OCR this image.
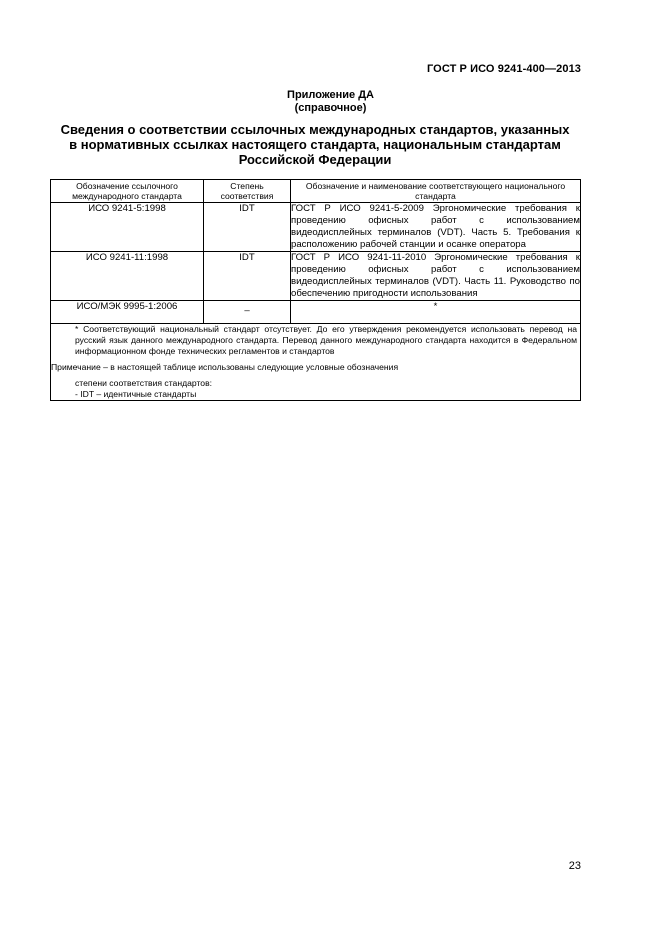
ГОСТ Р ИСО 9241-400—2013
Приложение ДА
(справочное)
Сведения о соответствии ссылочных международных стандартов, указанных
в нормативных ссылках настоящего стандарта, национальным стандартам
Российской Федерации
Обозначение ссылочного международного стандарта	Степень соответствия	Обозначение и наименование соответствующего национального стандарта
ИСО 9241-5:1998	IDT	ГОСТ Р ИСО 9241-5-2009 Эргономические требования к проведению офисных работ с использованием видеодисплейных терминалов (VDT). Часть 5. Требования к расположению рабочей станции и осанке оператора
ИСО 9241-11:1998	IDT	ГОСТ Р ИСО 9241-11-2010 Эргономические требования к проведению офисных работ с использованием видеодисплейных терминалов (VDT). Часть 11. Руководство по обеспечению пригодности использования
ИСО/МЭК 9995-1:2006	–	*

* Соответствующий национальный стандарт отсутствует. До его утверждения рекомендуется использовать перевод на русский язык данного международного стандарта. Перевод данного международного стандарта находится в Федеральном информационном фонде технических регламентов и стандартов
Примечание – в настоящей таблице использованы следующие условные обозначения
степени соответствия стандартов:
- IDT – идентичные стандарты		
23
